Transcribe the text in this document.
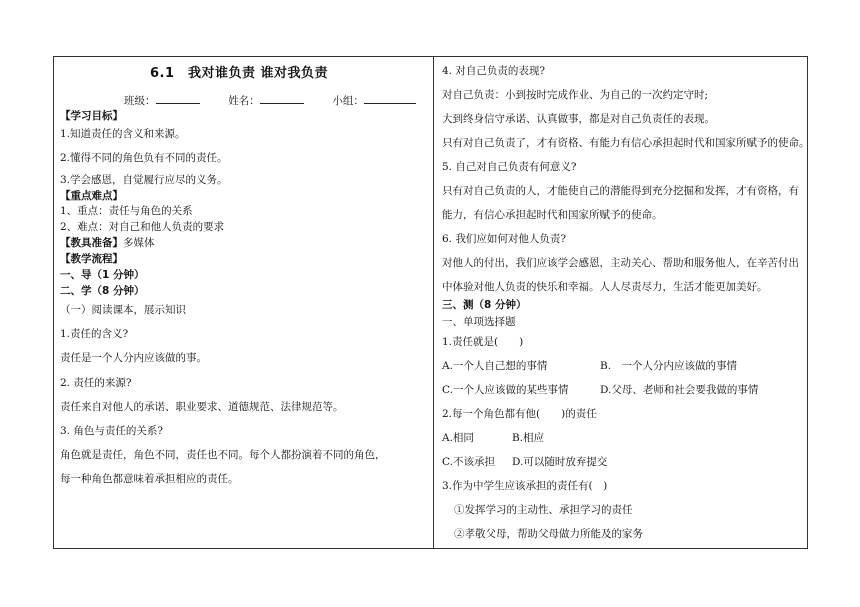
6.1　我对谁负责 谁对我负责
班级：	姓名：	小组：
【学习目标】
1.知道责任的含义和来源。
2.懂得不同的角色负有不同的责任。
3.学会感恩，自觉履行应尽的义务。
【重点难点】
1、重点：责任与角色的关系
2、难点：对自己和他人负责的要求
【教具准备】多媒体
【教学流程】
一、导（1 分钟）
二、学（8 分钟）
（一）阅读课本，展示知识
1.责任的含义?
责任是一个人分内应该做的事。
2. 责任的来源?
责任来自对他人的承诺、职业要求、道德规范、法律规范等。
3. 角色与责任的关系?
角色就是责任，角色不同，责任也不同。每个人都扮演着不同的角色，
每一种角色都意味着承担相应的责任。
4. 对自己负责的表现?
对自己负责：小到按时完成作业、为自己的一次约定守时;
大到终身信守承诺、认真做事，都是对自己负责任的表现。
只有对自己负责了，才有资格、有能力有信心承担起时代和国家所赋予的使命。
5. 自己对自己负责有何意义?
只有对自己负责的人，才能使自己的潜能得到充分挖掘和发挥，才有资格，有
能力，有信心承担起时代和国家所赋予的使命。
6. 我们应如何对他人负责?
对他人的付出，我们应该学会感恩，主动关心、帮助和服务他人，在辛苦付出
中体验对他人负责的快乐和幸福。人人尽责尽力，生活才能更加美好。
三、测（8 分钟）
一、单项选择题
1.责任就是(　　)
A.一个人自己想的事情	B.　一个人分内应该做的事情
C.一个人应该做的某些事情	D.父母、老师和社会要我做的事情
2.每一个角色都有他(　　)的责任
A.相同	B.相应
C.不该承担 D.可以随时放弃提交
3.作为中学生应该承担的责任有(　)
①发挥学习的主动性、承担学习的责任
②孝敬父母，帮助父母做力所能及的家务
